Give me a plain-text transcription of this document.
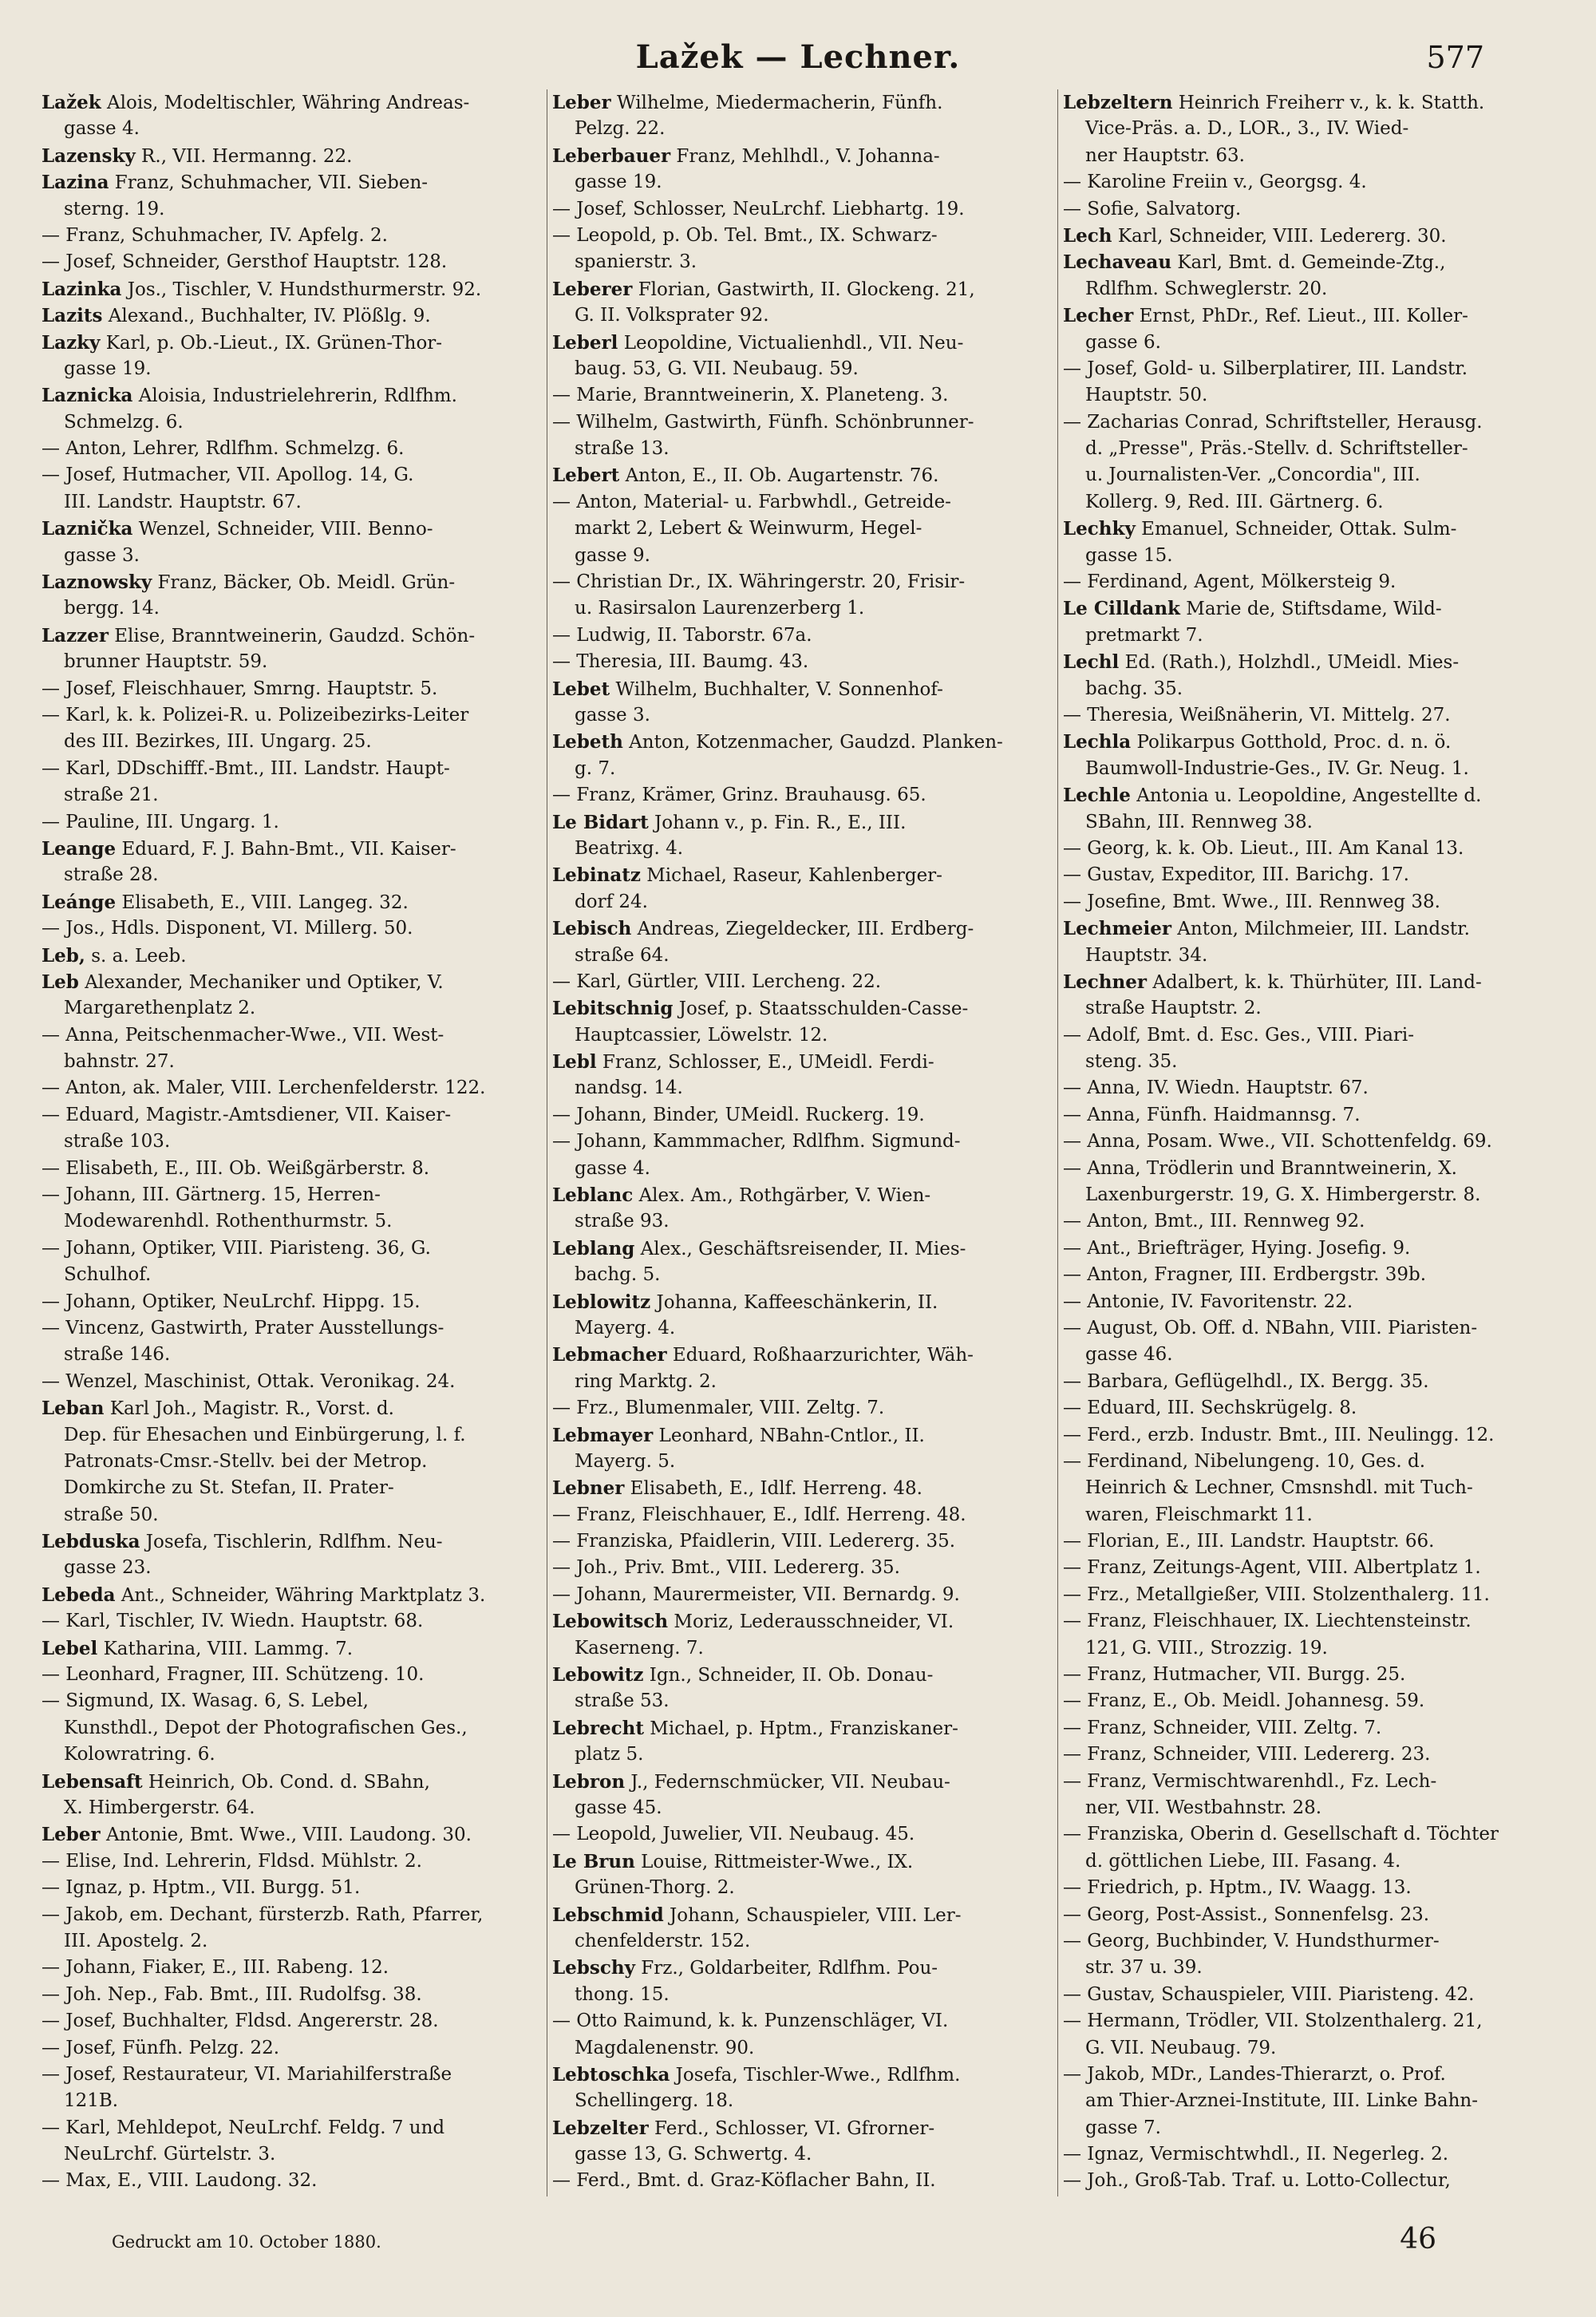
Lažek — Lechner.	577
Lažek Alois, Modeltischler, Währing Andreas-
gasse 4.
Lazensky R., VII. Hermanng. 22.
Lazina Franz, Schuhmacher, VII. Sieben-
sterng. 19.
— Franz, Schuhmacher, IV. Apfelg. 2.
— Josef, Schneider, Gersthof Hauptstr. 128.
Lazinka Jos., Tischler, V. Hundsthurmerstr. 92.
Lazits Alexand., Buchhalter, IV. Plößlg. 9.
Lazky Karl, p. Ob.-Lieut., IX. Grünen-Thor-
gasse 19.
Laznicka Aloisia, Industrielehrerin, Rdlfhm.
Schmelzg. 6.
— Anton, Lehrer, Rdlfhm. Schmelzg. 6.
— Josef, Hutmacher, VII. Apollog. 14, G.
III. Landstr. Hauptstr. 67.
Laznička Wenzel, Schneider, VIII. Benno-
gasse 3.
Laznowsky Franz, Bäcker, Ob. Meidl. Grün-
bergg. 14.
Lazzer Elise, Branntweinerin, Gaudzd. Schön-
brunner Hauptstr. 59.
— Josef, Fleischhauer, Smrng. Hauptstr. 5.
— Karl, k. k. Polizei-R. u. Polizeibezirks-Leiter
des III. Bezirkes, III. Ungarg. 25.
— Karl, DDschifff.-Bmt., III. Landstr. Haupt-
straße 21.
— Pauline, III. Ungarg. 1.
Leange Eduard, F. J. Bahn-Bmt., VII. Kaiser-
straße 28.
Leánge Elisabeth, E., VIII. Langeg. 32.
— Jos., Hdls. Disponent, VI. Millerg. 50.
Leb, s. a. Leeb.
Leb Alexander, Mechaniker und Optiker, V.
Margarethenplatz 2.
— Anna, Peitschenmacher-Wwe., VII. West-
bahnstr. 27.
— Anton, ak. Maler, VIII. Lerchenfelderstr. 122.
— Eduard, Magistr.-Amtsdiener, VII. Kaiser-
straße 103.
— Elisabeth, E., III. Ob. Weißgärberstr. 8.
— Johann, III. Gärtnerg. 15, Herren-
Modewarenhdl. Rothenthurmstr. 5.
— Johann, Optiker, VIII. Piaristeng. 36, G.
Schulhof.
— Johann, Optiker, NeuLrchf. Hippg. 15.
— Vincenz, Gastwirth, Prater Ausstellungs-
straße 146.
— Wenzel, Maschinist, Ottak. Veronikag. 24.
Leban Karl Joh., Magistr. R., Vorst. d.
Dep. für Ehesachen und Einbürgerung, l. f.
Patronats-Cmsr.-Stellv. bei der Metrop.
Domkirche zu St. Stefan, II. Prater-
straße 50.
Lebduska Josefa, Tischlerin, Rdlfhm. Neu-
gasse 23.
Lebeda Ant., Schneider, Währing Marktplatz 3.
— Karl, Tischler, IV. Wiedn. Hauptstr. 68.
Lebel Katharina, VIII. Lammg. 7.
— Leonhard, Fragner, III. Schützeng. 10.
— Sigmund, IX. Wasag. 6, S. Lebel,
Kunsthdl., Depot der Photografischen Ges.,
Kolowratring. 6.
Lebensaft Heinrich, Ob. Cond. d. SBahn,
X. Himbergerstr. 64.
Leber Antonie, Bmt. Wwe., VIII. Laudong. 30.
— Elise, Ind. Lehrerin, Fldsd. Mühlstr. 2.
— Ignaz, p. Hptm., VII. Burgg. 51.
— Jakob, em. Dechant, fürsterzb. Rath, Pfarrer,
III. Apostelg. 2.
— Johann, Fiaker, E., III. Rabeng. 12.
— Joh. Nep., Fab. Bmt., III. Rudolfsg. 38.
— Josef, Buchhalter, Fldsd. Angererstr. 28.
— Josef, Fünfh. Pelzg. 22.
— Josef, Restaurateur, VI. Mariahilferstraße
121B.
— Karl, Mehldepot, NeuLrchf. Feldg. 7 und
NeuLrchf. Gürtelstr. 3.
— Max, E., VIII. Laudong. 32.
Leber Wilhelme, Miedermacherin, Fünfh.
Pelzg. 22.
Leberbauer Franz, Mehlhdl., V. Johanna-
gasse 19.
— Josef, Schlosser, NeuLrchf. Liebhartg. 19.
— Leopold, p. Ob. Tel. Bmt., IX. Schwarz-
spanierstr. 3.
Leberer Florian, Gastwirth, II. Glockeng. 21,
G. II. Volksprater 92.
Leberl Leopoldine, Victualienhdl., VII. Neu-
baug. 53, G. VII. Neubaug. 59.
— Marie, Branntweinerin, X. Planeteng. 3.
— Wilhelm, Gastwirth, Fünfh. Schönbrunner-
straße 13.
Lebert Anton, E., II. Ob. Augartenstr. 76.
— Anton, Material- u. Farbwhdl., Getreide-
markt 2, Lebert & Weinwurm, Hegel-
gasse 9.
— Christian Dr., IX. Währingerstr. 20, Frisir-
u. Rasirsalon Laurenzerberg 1.
— Ludwig, II. Taborstr. 67a.
— Theresia, III. Baumg. 43.
Lebet Wilhelm, Buchhalter, V. Sonnenhof-
gasse 3.
Lebeth Anton, Kotzenmacher, Gaudzd. Planken-
g. 7.
— Franz, Krämer, Grinz. Brauhausg. 65.
Le Bidart Johann v., p. Fin. R., E., III.
Beatrixg. 4.
Lebinatz Michael, Raseur, Kahlenberger-
dorf 24.
Lebisch Andreas, Ziegeldecker, III. Erdberg-
straße 64.
— Karl, Gürtler, VIII. Lercheng. 22.
Lebitschnig Josef, p. Staatsschulden-Casse-
Hauptcassier, Löwelstr. 12.
Lebl Franz, Schlosser, E., UMeidl. Ferdi-
nandsg. 14.
— Johann, Binder, UMeidl. Ruckerg. 19.
— Johann, Kammmacher, Rdlfhm. Sigmund-
gasse 4.
Leblanc Alex. Am., Rothgärber, V. Wien-
straße 93.
Leblang Alex., Geschäftsreisender, II. Mies-
bachg. 5.
Leblowitz Johanna, Kaffeeschänkerin, II.
Mayerg. 4.
Lebmacher Eduard, Roßhaarzurichter, Wäh-
ring Marktg. 2.
— Frz., Blumenmaler, VIII. Zeltg. 7.
Lebmayer Leonhard, NBahn-Cntlor., II.
Mayerg. 5.
Lebner Elisabeth, E., Idlf. Herreng. 48.
— Franz, Fleischhauer, E., Idlf. Herreng. 48.
— Franziska, Pfaidlerin, VIII. Ledererg. 35.
— Joh., Priv. Bmt., VIII. Ledererg. 35.
— Johann, Maurermeister, VII. Bernardg. 9.
Lebowitsch Moriz, Lederausschneider, VI.
Kaserneng. 7.
Lebowitz Ign., Schneider, II. Ob. Donau-
straße 53.
Lebrecht Michael, p. Hptm., Franziskaner-
platz 5.
Lebron J., Federnschmücker, VII. Neubau-
gasse 45.
— Leopold, Juwelier, VII. Neubaug. 45.
Le Brun Louise, Rittmeister-Wwe., IX.
Grünen-Thorg. 2.
Lebschmid Johann, Schauspieler, VIII. Ler-
chenfelderstr. 152.
Lebschy Frz., Goldarbeiter, Rdlfhm. Pou-
thong. 15.
— Otto Raimund, k. k. Punzenschläger, VI.
Magdalenenstr. 90.
Lebtoschka Josefa, Tischler-Wwe., Rdlfhm.
Schellingerg. 18.
Lebzelter Ferd., Schlosser, VI. Gfrorner-
gasse 13, G. Schwertg. 4.
— Ferd., Bmt. d. Graz-Köflacher Bahn, II.
Lebzeltern Heinrich Freiherr v., k. k. Statth.
Vice-Präs. a. D., LOR., 3., IV. Wied-
ner Hauptstr. 63.
— Karoline Freiin v., Georgsg. 4.
— Sofie, Salvatorg.
Lech Karl, Schneider, VIII. Ledererg. 30.
Lechaveau Karl, Bmt. d. Gemeinde-Ztg.,
Rdlfhm. Schweglerstr. 20.
Lecher Ernst, PhDr., Ref. Lieut., III. Koller-
gasse 6.
— Josef, Gold- u. Silberplatirer, III. Landstr.
Hauptstr. 50.
— Zacharias Conrad, Schriftsteller, Herausg.
d. „Presse", Präs.-Stellv. d. Schriftsteller-
u. Journalisten-Ver. „Concordia", III.
Kollerg. 9, Red. III. Gärtnerg. 6.
Lechky Emanuel, Schneider, Ottak. Sulm-
gasse 15.
— Ferdinand, Agent, Mölkersteig 9.
Le Cilldank Marie de, Stiftsdame, Wild-
pretmarkt 7.
Lechl Ed. (Rath.), Holzhdl., UMeidl. Mies-
bachg. 35.
— Theresia, Weißnäherin, VI. Mittelg. 27.
Lechla Polikarpus Gotthold, Proc. d. n. ö.
Baumwoll-Industrie-Ges., IV. Gr. Neug. 1.
Lechle Antonia u. Leopoldine, Angestellte d.
SBahn, III. Rennweg 38.
— Georg, k. k. Ob. Lieut., III. Am Kanal 13.
— Gustav, Expeditor, III. Barichg. 17.
— Josefine, Bmt. Wwe., III. Rennweg 38.
Lechmeier Anton, Milchmeier, III. Landstr.
Hauptstr. 34.
Lechner Adalbert, k. k. Thürhüter, III. Land-
straße Hauptstr. 2.
— Adolf, Bmt. d. Esc. Ges., VIII. Piari-
steng. 35.
— Anna, IV. Wiedn. Hauptstr. 67.
— Anna, Fünfh. Haidmannsg. 7.
— Anna, Posam. Wwe., VII. Schottenfeldg. 69.
— Anna, Trödlerin und Branntweinerin, X.
Laxenburgerstr. 19, G. X. Himbergerstr. 8.
— Anton, Bmt., III. Rennweg 92.
— Ant., Briefträger, Hying. Josefig. 9.
— Anton, Fragner, III. Erdbergstr. 39b.
— Antonie, IV. Favoritenstr. 22.
— August, Ob. Off. d. NBahn, VIII. Piaristen-
gasse 46.
— Barbara, Geflügelhdl., IX. Bergg. 35.
— Eduard, III. Sechskrügelg. 8.
— Ferd., erzb. Industr. Bmt., III. Neulingg. 12.
— Ferdinand, Nibelungeng. 10, Ges. d.
Heinrich & Lechner, Cmsnshdl. mit Tuch-
waren, Fleischmarkt 11.
— Florian, E., III. Landstr. Hauptstr. 66.
— Franz, Zeitungs-Agent, VIII. Albertplatz 1.
— Frz., Metallgießer, VIII. Stolzenthalerg. 11.
— Franz, Fleischhauer, IX. Liechtensteinstr.
121, G. VIII., Strozzig. 19.
— Franz, Hutmacher, VII. Burgg. 25.
— Franz, E., Ob. Meidl. Johannesg. 59.
— Franz, Schneider, VIII. Zeltg. 7.
— Franz, Schneider, VIII. Ledererg. 23.
— Franz, Vermischtwarenhdl., Fz. Lech-
ner, VII. Westbahnstr. 28.
— Franziska, Oberin d. Gesellschaft d. Töchter
d. göttlichen Liebe, III. Fasang. 4.
— Friedrich, p. Hptm., IV. Waagg. 13.
— Georg, Post-Assist., Sonnenfelsg. 23.
— Georg, Buchbinder, V. Hundsthurmer-
str. 37 u. 39.
— Gustav, Schauspieler, VIII. Piaristeng. 42.
— Hermann, Trödler, VII. Stolzenthalerg. 21,
G. VII. Neubaug. 79.
— Jakob, MDr., Landes-Thierarzt, o. Prof.
am Thier-Arznei-Institute, III. Linke Bahn-
gasse 7.
— Ignaz, Vermischtwhdl., II. Negerleg. 2.
— Joh., Groß-Tab. Traf. u. Lotto-Collectur,
Gedruckt am 10. October 1880.	46
